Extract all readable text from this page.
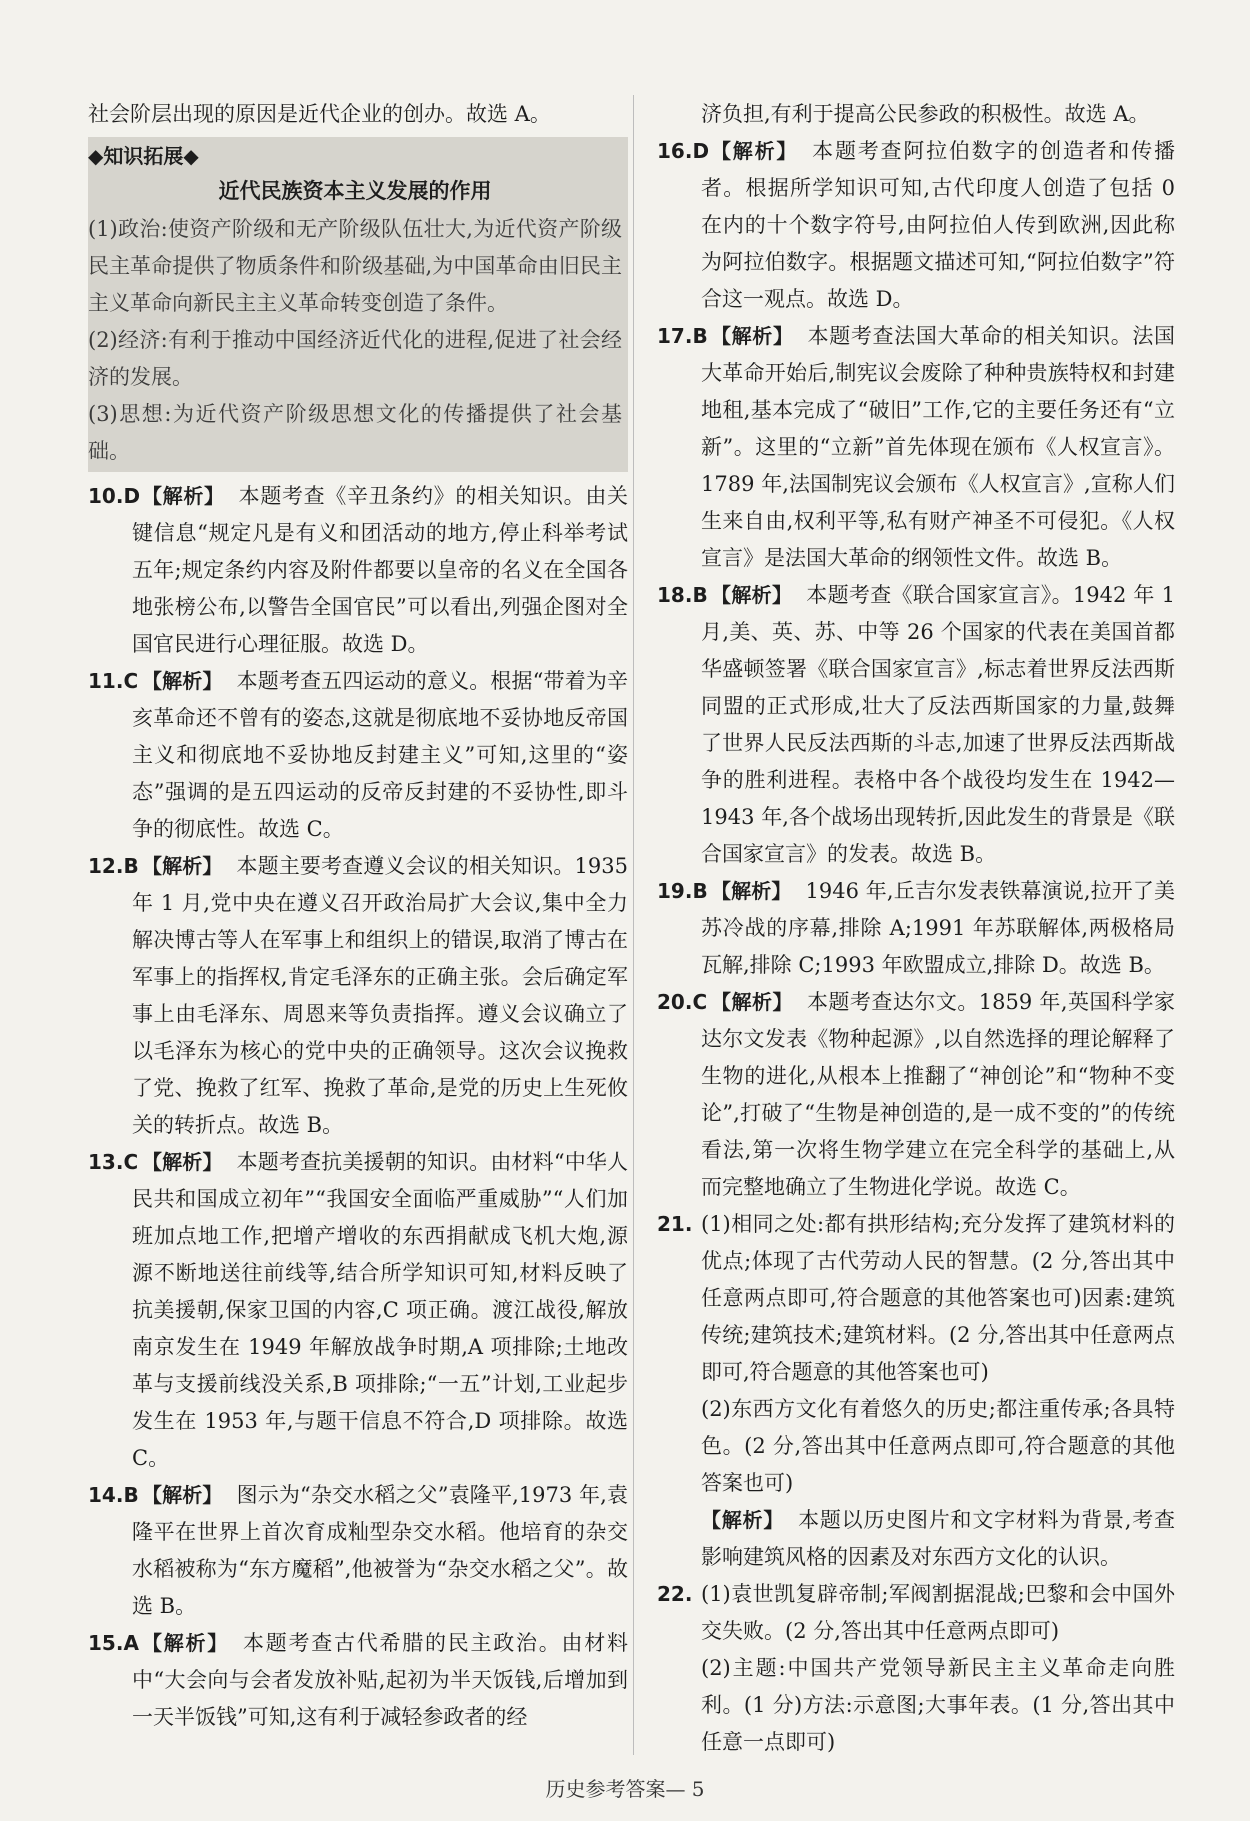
社会阶层出现的原因是近代企业的创办。故选 A。

◆知识拓展◆
近代民族资本主义发展的作用

(1)政治:使资产阶级和无产阶级队伍壮大,为近代资产阶级民主革命提供了物质条件和阶级基础,为中国革命由旧民主主义革命向新民主主义革命转变创造了条件。

(2)经济:有利于推动中国经济近代化的进程,促进了社会经济的发展。

(3)思想:为近代资产阶级思想文化的传播提供了社会基础。

10.D 【解析】 本题考查《辛丑条约》的相关知识。由关键信息“规定凡是有义和团活动的地方,停止科举考试五年;规定条约内容及附件都要以皇帝的名义在全国各地张榜公布,以警告全国官民”可以看出,列强企图对全国官民进行心理征服。故选 D。

11.C 【解析】 本题考查五四运动的意义。根据“带着为辛亥革命还不曾有的姿态,这就是彻底地不妥协地反帝国主义和彻底地不妥协地反封建主义”可知,这里的“姿态”强调的是五四运动的反帝反封建的不妥协性,即斗争的彻底性。故选 C。

12.B 【解析】 本题主要考查遵义会议的相关知识。1935 年 1 月,党中央在遵义召开政治局扩大会议,集中全力解决博古等人在军事上和组织上的错误,取消了博古在军事上的指挥权,肯定毛泽东的正确主张。会后确定军事上由毛泽东、周恩来等负责指挥。遵义会议确立了以毛泽东为核心的党中央的正确领导。这次会议挽救了党、挽救了红军、挽救了革命,是党的历史上生死攸关的转折点。故选 B。

13.C 【解析】 本题考查抗美援朝的知识。由材料“中华人民共和国成立初年”“我国安全面临严重威胁”“人们加班加点地工作,把增产增收的东西捐献成飞机大炮,源源不断地送往前线等,结合所学知识可知,材料反映了抗美援朝,保家卫国的内容,C 项正确。渡江战役,解放南京发生在 1949 年解放战争时期,A 项排除;土地改革与支援前线没关系,B 项排除;“一五”计划,工业起步发生在 1953 年,与题干信息不符合,D 项排除。故选 C。

14.B 【解析】 图示为“杂交水稻之父”袁隆平,1973 年,袁隆平在世界上首次育成籼型杂交水稻。他培育的杂交水稻被称为“东方魔稻”,他被誉为“杂交水稻之父”。故选 B。

15.A 【解析】 本题考查古代希腊的民主政治。由材料中“大会向与会者发放补贴,起初为半天饭钱,后增加到一天半饭钱”可知,这有利于减轻参政者的经

济负担,有利于提高公民参政的积极性。故选 A。

16.D 【解析】 本题考查阿拉伯数字的创造者和传播者。根据所学知识可知,古代印度人创造了包括 0 在内的十个数字符号,由阿拉伯人传到欧洲,因此称为阿拉伯数字。根据题文描述可知,“阿拉伯数字”符合这一观点。故选 D。

17.B 【解析】 本题考查法国大革命的相关知识。法国大革命开始后,制宪议会废除了种种贵族特权和封建地租,基本完成了“破旧”工作,它的主要任务还有“立新”。这里的“立新”首先体现在颁布《人权宣言》。1789 年,法国制宪议会颁布《人权宣言》,宣称人们生来自由,权利平等,私有财产神圣不可侵犯。《人权宣言》是法国大革命的纲领性文件。故选 B。

18.B 【解析】 本题考查《联合国家宣言》。1942 年 1 月,美、英、苏、中等 26 个国家的代表在美国首都华盛顿签署《联合国家宣言》,标志着世界反法西斯同盟的正式形成,壮大了反法西斯国家的力量,鼓舞了世界人民反法西斯的斗志,加速了世界反法西斯战争的胜利进程。表格中各个战役均发生在 1942—1943 年,各个战场出现转折,因此发生的背景是《联合国家宣言》的发表。故选 B。

19.B 【解析】 1946 年,丘吉尔发表铁幕演说,拉开了美苏冷战的序幕,排除 A;1991 年苏联解体,两极格局瓦解,排除 C;1993 年欧盟成立,排除 D。故选 B。

20.C 【解析】 本题考查达尔文。1859 年,英国科学家达尔文发表《物种起源》,以自然选择的理论解释了生物的进化,从根本上推翻了“神创论”和“物种不变论”,打破了“生物是神创造的,是一成不变的”的传统看法,第一次将生物学建立在完全科学的基础上,从而完整地确立了生物进化学说。故选 C。

21. (1)相同之处:都有拱形结构;充分发挥了建筑材料的优点;体现了古代劳动人民的智慧。(2 分,答出其中任意两点即可,符合题意的其他答案也可)因素:建筑传统;建筑技术;建筑材料。(2 分,答出其中任意两点即可,符合题意的其他答案也可)

(2)东西方文化有着悠久的历史;都注重传承;各具特色。(2 分,答出其中任意两点即可,符合题意的其他答案也可)

【解析】 本题以历史图片和文字材料为背景,考查影响建筑风格的因素及对东西方文化的认识。

22. (1)袁世凯复辟帝制;军阀割据混战;巴黎和会中国外交失败。(2 分,答出其中任意两点即可)

(2)主题:中国共产党领导新民主主义革命走向胜利。(1 分)方法:示意图;大事年表。(1 分,答出其中任意一点即可)

历史参考答案— 5
